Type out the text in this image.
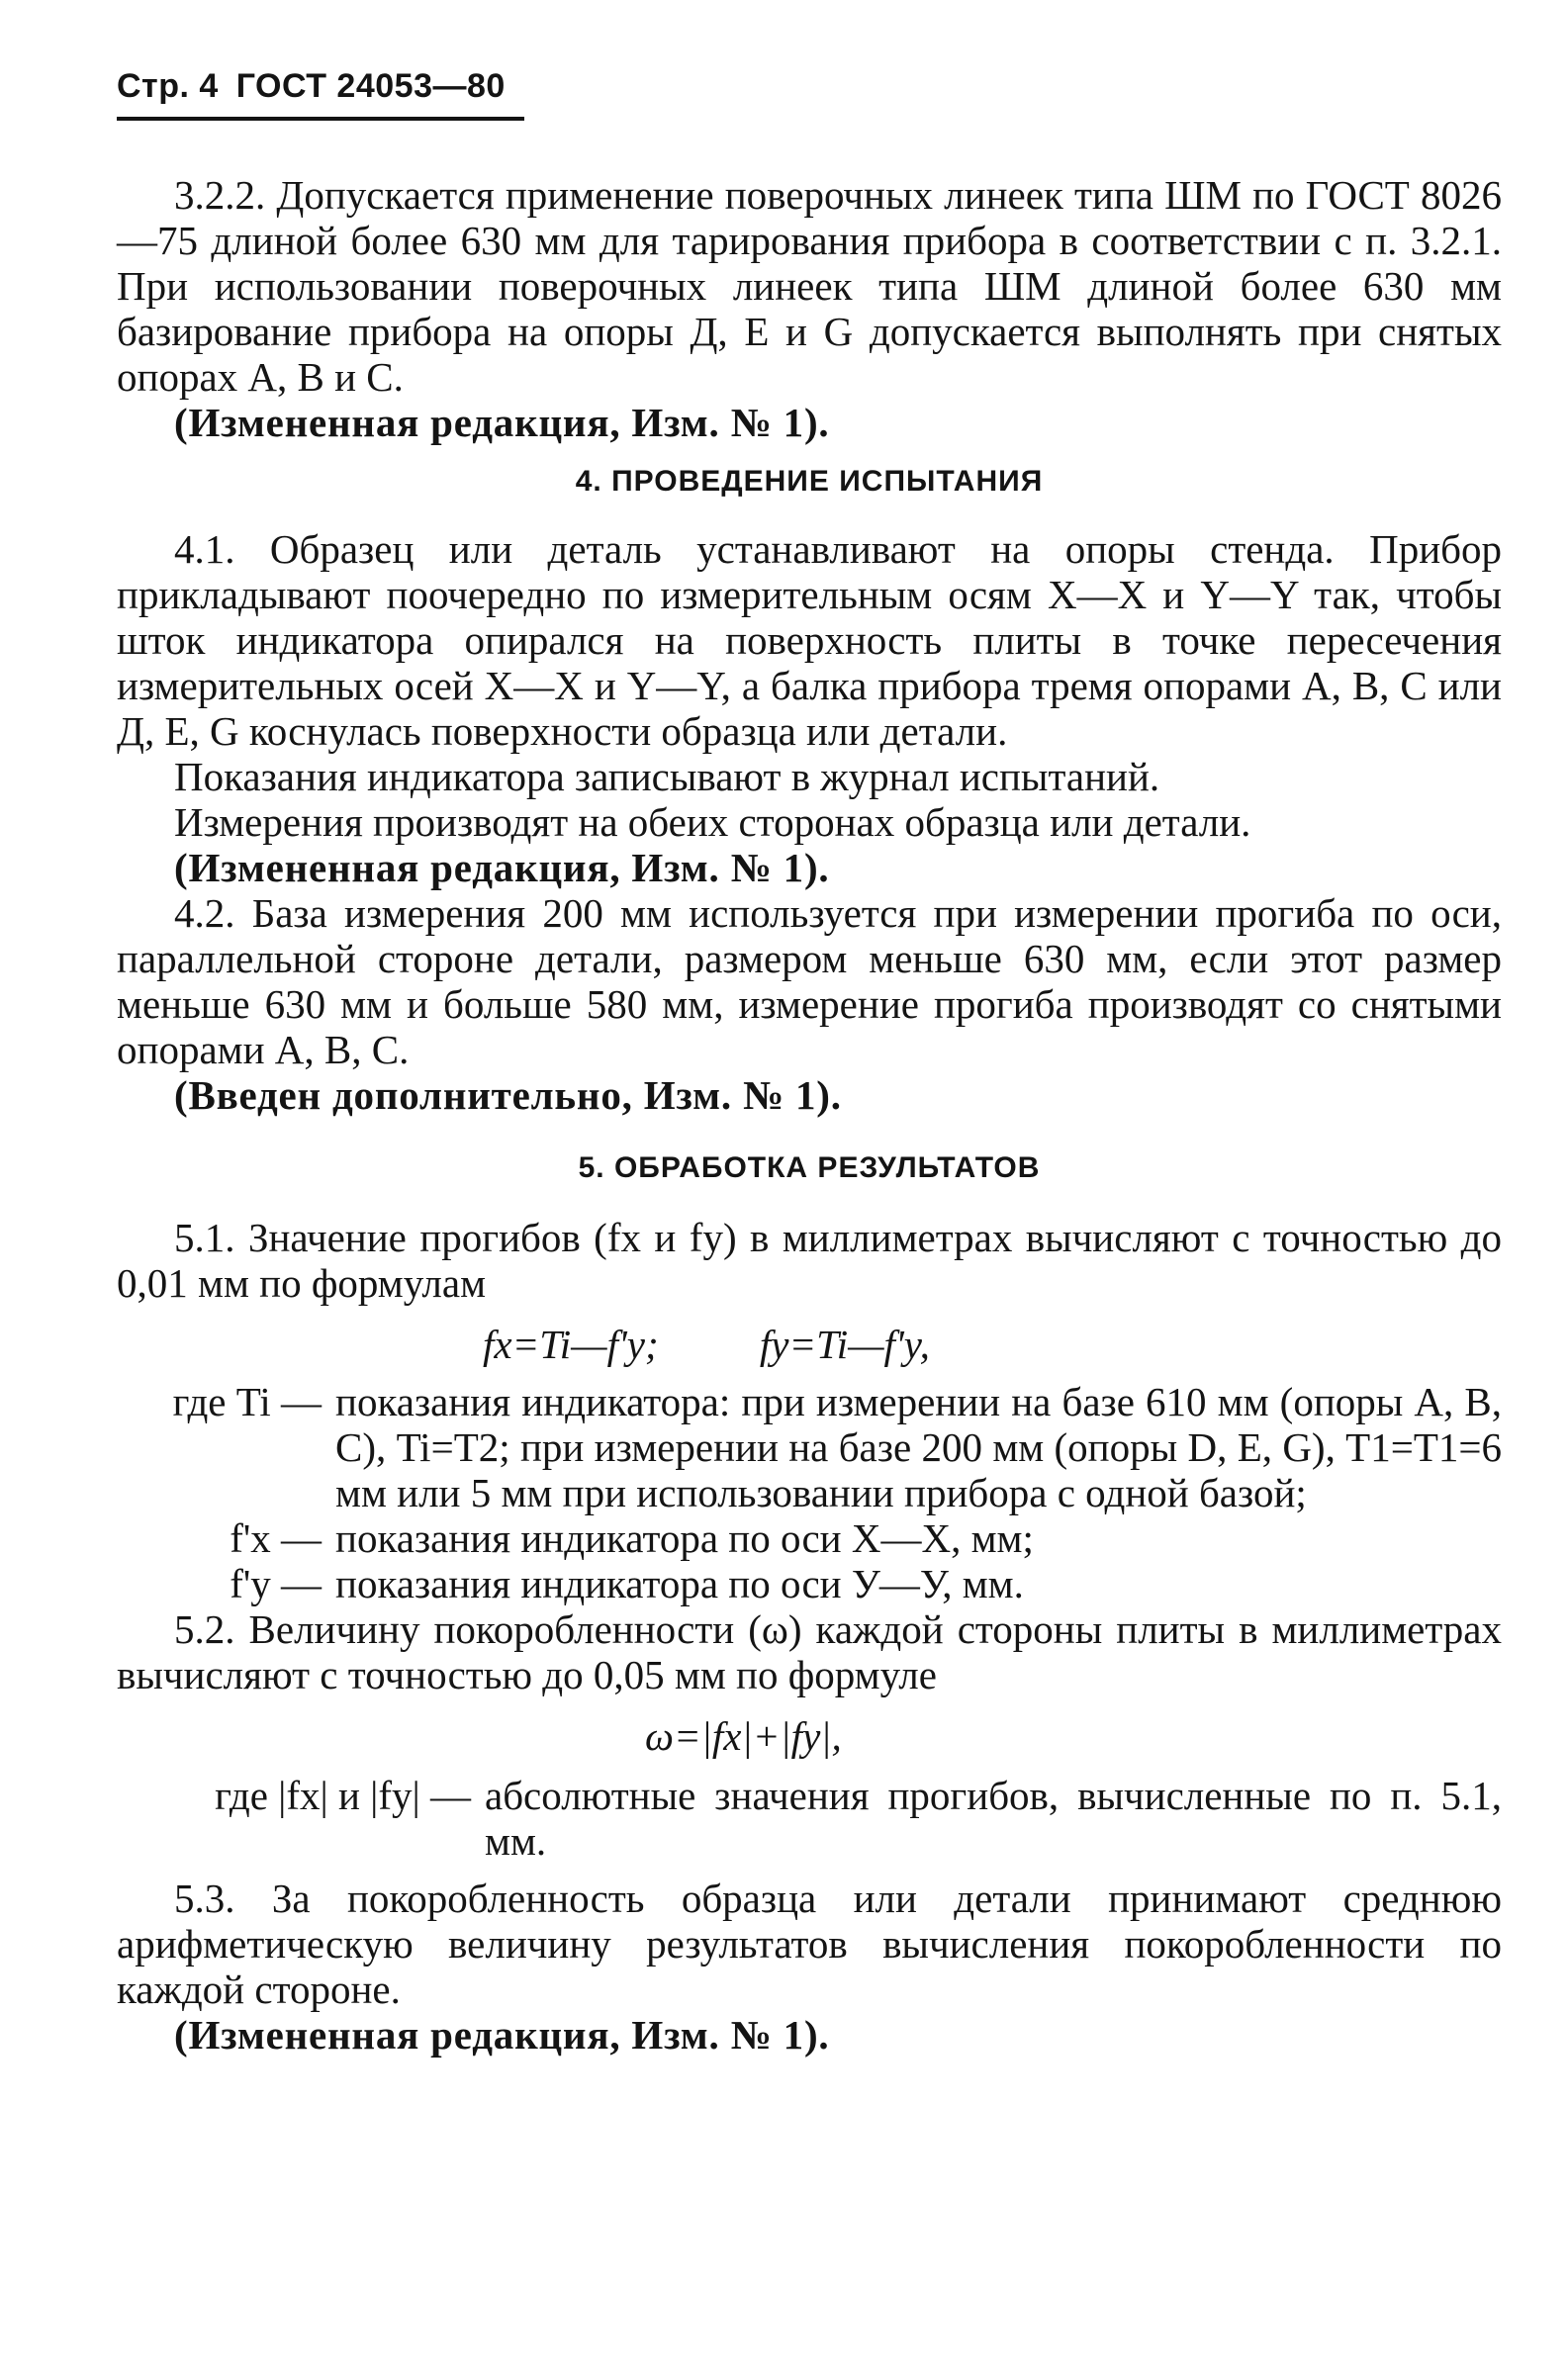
Стр. 4 ГОСТ 24053—80

3.2.2. Допускается применение поверочных линеек типа ШМ по ГОСТ 8026—75 длиной более 630 мм для тарирования прибора в соответствии с п. 3.2.1. При использовании поверочных линеек типа ШМ длиной более 630 мм базирование прибора на опоры Д, Е и G допускается выполнять при снятых опорах А, В и С.

(Измененная редакция, Изм. № 1).

4. ПРОВЕДЕНИЕ ИСПЫТАНИЯ

4.1. Образец или деталь устанавливают на опоры стенда. Прибор прикладывают поочередно по измерительным осям X—X и Y—Y так, чтобы шток индикатора опирался на поверхность плиты в точке пересечения измерительных осей X—X и Y—Y, а балка прибора тремя опорами А, В, С или Д, Е, G коснулась поверхности образца или детали.

Показания индикатора записывают в журнал испытаний.

Измерения производят на обеих сторонах образца или детали.

(Измененная редакция, Изм. № 1).

4.2. База измерения 200 мм используется при измерении прогиба по оси, параллельной стороне детали, размером меньше 630 мм, если этот размер меньше 630 мм и больше 580 мм, измерение прогиба производят со снятыми опорами А, В, С.

(Введен дополнительно, Изм. № 1).

5. ОБРАБОТКА РЕЗУЛЬТАТОВ

5.1. Значение прогибов (fx и fy) в миллиметрах вычисляют с точностью до 0,01 мм по формулам

fx=Ti—f'y; fy=Ti—f'y,
где Ti — показания индикатора: при измерении на базе 610 мм (опоры А, В, С), Ti=T2; при измерении на базе 200 мм (опоры D, E, G), T1=T1=6 мм или 5 мм при использовании прибора с одной базой;
f'x — показания индикатора по оси X—X, мм;
f'y — показания индикатора по оси У—У, мм.

5.2. Величину покоробленности (ω) каждой стороны плиты в миллиметрах вычисляют с точностью до 0,05 мм по формуле

ω=|fx|+|fy|,
где |fx| и |fy| — абсолютные значения прогибов, вычисленные по п. 5.1, мм.

5.3. За покоробленность образца или детали принимают среднюю арифметическую величину результатов вычисления покоробленности по каждой стороне.

(Измененная редакция, Изм. № 1).
